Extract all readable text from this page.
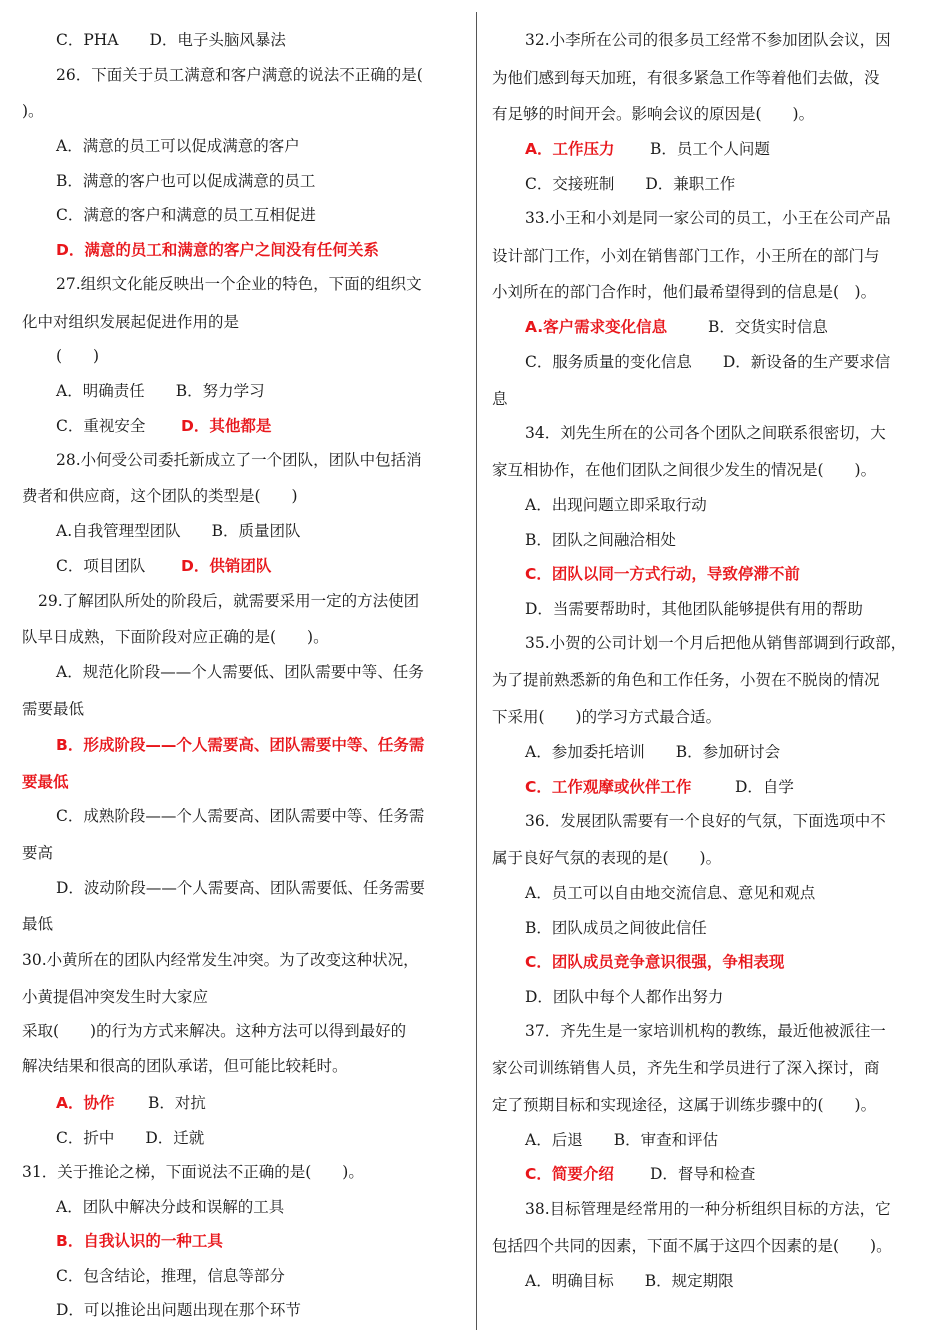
C．PHA　　D．电子头脑风暴法
26．下面关于员工满意和客户满意的说法不正确的是(
)。
A．满意的员工可以促成满意的客户
B．满意的客户也可以促成满意的员工
C．满意的客户和满意的员工互相促进
D．满意的员工和满意的客户之间没有任何关系
27.组织文化能反映出一个企业的特色，下面的组织文
化中对组织发展起促进作用的是
(　　)
A．明确责任　　B．努力学习
C．重视安全 D．其他都是
28.小何受公司委托新成立了一个团队，团队中包括消
费者和供应商，这个团队的类型是(　　)
A.自我管理型团队　　B．质量团队
C．项目团队 D．供销团队
29.了解团队所处的阶段后，就需要采用一定的方法使团
队早日成熟，下面阶段对应正确的是(　　)。
A．规范化阶段——个人需要低、团队需要中等、任务
需要最低
B．形成阶段——个人需要高、团队需要中等、任务需
要最低
C．成熟阶段——个人需要高、团队需要中等、任务需
要高
D．波动阶段——个人需要高、团队需要低、任务需要
最低
30.小黄所在的团队内经常发生冲突。为了改变这种状况，
小黄提倡冲突发生时大家应
采取(　　)的行为方式来解决。这种方法可以得到最好的
解决结果和很高的团队承诺，但可能比较耗时。
A．协作 B．对抗
C．折中　　D．迁就
31．关于推论之梯，下面说法不正确的是(　　)。
A．团队中解决分歧和误解的工具
B．自我认识的一种工具
C．包含结论，推理，信息等部分
D．可以推论出问题出现在那个环节
32.小李所在公司的很多员工经常不参加团队会议，因
为他们感到每天加班，有很多紧急工作等着他们去做，没
有足够的时间开会。影响会议的原因是(　　)。
A．工作压力 B．员工个人问题
C．交接班制　　D．兼职工作
33.小王和小刘是同一家公司的员工，小王在公司产品
设计部门工作，小刘在销售部门工作，小王所在的部门与
小刘所在的部门合作时，他们最希望得到的信息是(　)。
A.客户需求变化信息	B．交货实时信息
C．服务质量的变化信息　　D．新设备的生产要求信
息
34．刘先生所在的公司各个团队之间联系很密切，大
家互相协作，在他们团队之间很少发生的情况是(　　)。
A．出现问题立即采取行动
B．团队之间融洽相处
C．团队以同一方式行动，导致停滞不前
D．当需要帮助时，其他团队能够提供有用的帮助
35.小贺的公司计划一个月后把他从销售部调到行政部，
为了提前熟悉新的角色和工作任务，小贺在不脱岗的情况
下采用(　　)的学习方式最合适。
A．参加委托培训　　B．参加研讨会
C．工作观摩或伙伴工作	D．自学
36．发展团队需要有一个良好的气氛，下面选项中不
属于良好气氛的表现的是(　　)。
A．员工可以自由地交流信息、意见和观点
B．团队成员之间彼此信任
C．团队成员竞争意识很强，争相表现
D．团队中每个人都作出努力
37．齐先生是一家培训机构的教练，最近他被派往一
家公司训练销售人员，齐先生和学员进行了深入探讨，商
定了预期目标和实现途径，这属于训练步骤中的(　　)。
A．后退　　B．审查和评估
C．简要介绍 D．督导和检查
38.目标管理是经常用的一种分析组织目标的方法，它
包括四个共同的因素，下面不属于这四个因素的是(　　)。
A．明确目标　　B．规定期限
